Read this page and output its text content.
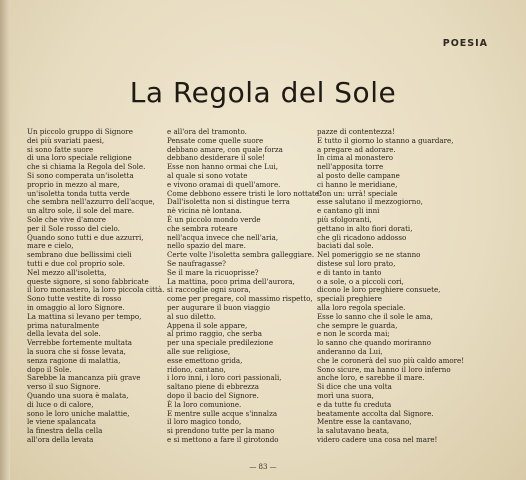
POESIA
La Regola del Sole
Un piccolo gruppo di Signore
dei più svariati paesi,
si sono fatte suore
di una loro speciale religione
che si chiama la Regola del Sole.
Si sono comperata un'isoletta
proprio in mezzo al mare,
un'isoletta tonda tutta verde
che sembra nell'azzurro dell'acque,
un altro sole, il sole del mare.
Sole che vive d'amore
per il Sole rosso del cielo.
Quando sono tutti e due azzurri,
mare e cielo,
sembrano due bellissimi cieli
tutti e due col proprio sole.
Nel mezzo all'isoletta,
queste signore, si sono fabbricate
il loro monastero, la loro piccola città.
Sono tutte vestite di rosso
in omaggio al loro Signore.
La mattina si levano per tempo,
prima naturalmente
della levata del sole.
Verrebbe fortemente multata
la suora che si fosse levata,
senza ragione di malattia,
dopo il Sole.
Sarebbe la mancanza più grave
verso il suo Signore.
Quando una suora è malata,
di luce o di calore,
sono le loro uniche malattie,
le viene spalancata
la finestra della cella
all'ora della levata
e all'ora del tramonto.
Pensate come quelle suore
debbano amare, con quale forza
debbano desiderare il sole!
Esse non hanno ormai che Lui,
al quale si sono votate
e vivono oramai di quell'amore.
Come debbono essere tristi le loro nottate!
Dall'isoletta non si distingue terra
nè vicina nè lontana.
È un piccolo mondo verde
che sembra roteare
nell'acqua invece che nell'aria,
nello spazio del mare.
Certe volte l'isoletta sembra galleggiare.
Se naufragasse?
Se il mare la ricuoprisse?
La mattina, poco prima dell'aurora,
si raccoglie ogni suora,
come per pregare, col massimo rispetto,
per augurare il buon viaggio
al suo diletto.
Appena il sole appare,
al primo raggio, che serba
per una speciale predilezione
alle sue religiose,
esse emettono grida,
ridono, cantano,
i loro inni, i loro cori passionali,
saltano piene di ebbrezza
dopo il bacio del Signore.
È la loro comunione.
E mentre sulle acque s'innalza
il loro magico tondo,
si prendono tutte per la mano
e si mettono a fare il girotondo
pazze di contentezza!
E tutto il giorno lo stanno a guardare,
a pregare ad adorare.
In cima al monastero
nell'apposita torre
al posto delle campane
ci hanno le meridiane,
Con un: urrà! speciale
esse salutano il mezzogiorno,
e cantano gli inni
più sfolgoranti,
gettano in alto fiori dorati,
che gli ricadono addosso
baciati dal sole.
Nel pomeriggio se ne stanno
distese sul loro prato,
e di tanto in tanto
o a sole, o a piccoli cori,
dicono le loro preghiere consuete,
speciali preghiere
alla loro regola speciale.
Esse lo sanno che il sole le ama,
che sempre le guarda,
e non le scorda mai;
lo sanno che quando moriranno
anderanno da Lui,
che le coronerà del suo più caldo amore!
Sono sicure, ma hanno il loro inferno
anche loro, e sarebbe il mare.
Si dice che una volta
morì una suora,
e da tutte fu creduta
beatamente accolta dal Signore.
Mentre esse la cantavano,
la salutavano beata,
videro cadere una cosa nel mare!
— 83 —
